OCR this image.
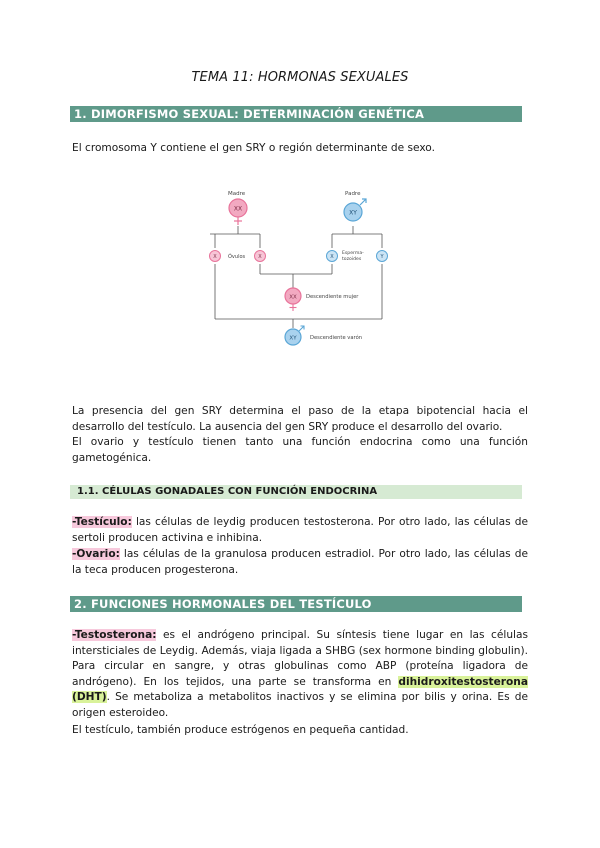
TEMA 11: HORMONAS SEXUALES
1. DIMORFISMO SEXUAL: DETERMINACIÓN GENÉTICA

El cromosoma Y contiene el gen SRY o región determinante de sexo.

Madre
XX
Padre
XY
X Óvulos	X	X
Esperma- tozoides	Y
XX Descendiente mujer
XY	Descendiente varón

La presencia del gen SRY determina el paso de la etapa bipotencial hacia el desarrollo del testículo. La ausencia del gen SRY produce el desarrollo del ovario.

El ovario y testículo tienen tanto una función endocrina como una función gametogénica.

1.1. CÉLULAS GONADALES CON FUNCIÓN ENDOCRINA

-Testículo: las células de leydig producen testosterona. Por otro lado, las células de sertoli producen activina e inhibina.

-Ovario: las células de la granulosa producen estradiol. Por otro lado, las células de la teca producen progesterona.

2. FUNCIONES HORMONALES DEL TESTÍCULO

-Testosterona: es el andrógeno principal. Su síntesis tiene lugar en las células intersticiales de Leydig. Además, viaja ligada a SHBG (sex hormone binding globulin). Para circular en sangre, y otras globulinas como ABP (proteína ligadora de andrógeno). En los tejidos, una parte se transforma en dihidroxitestosterona (DHT). Se metaboliza a metabolitos inactivos y se elimina por bilis y orina. Es de origen esteroideo.

El testículo, también produce estrógenos en pequeña cantidad.
